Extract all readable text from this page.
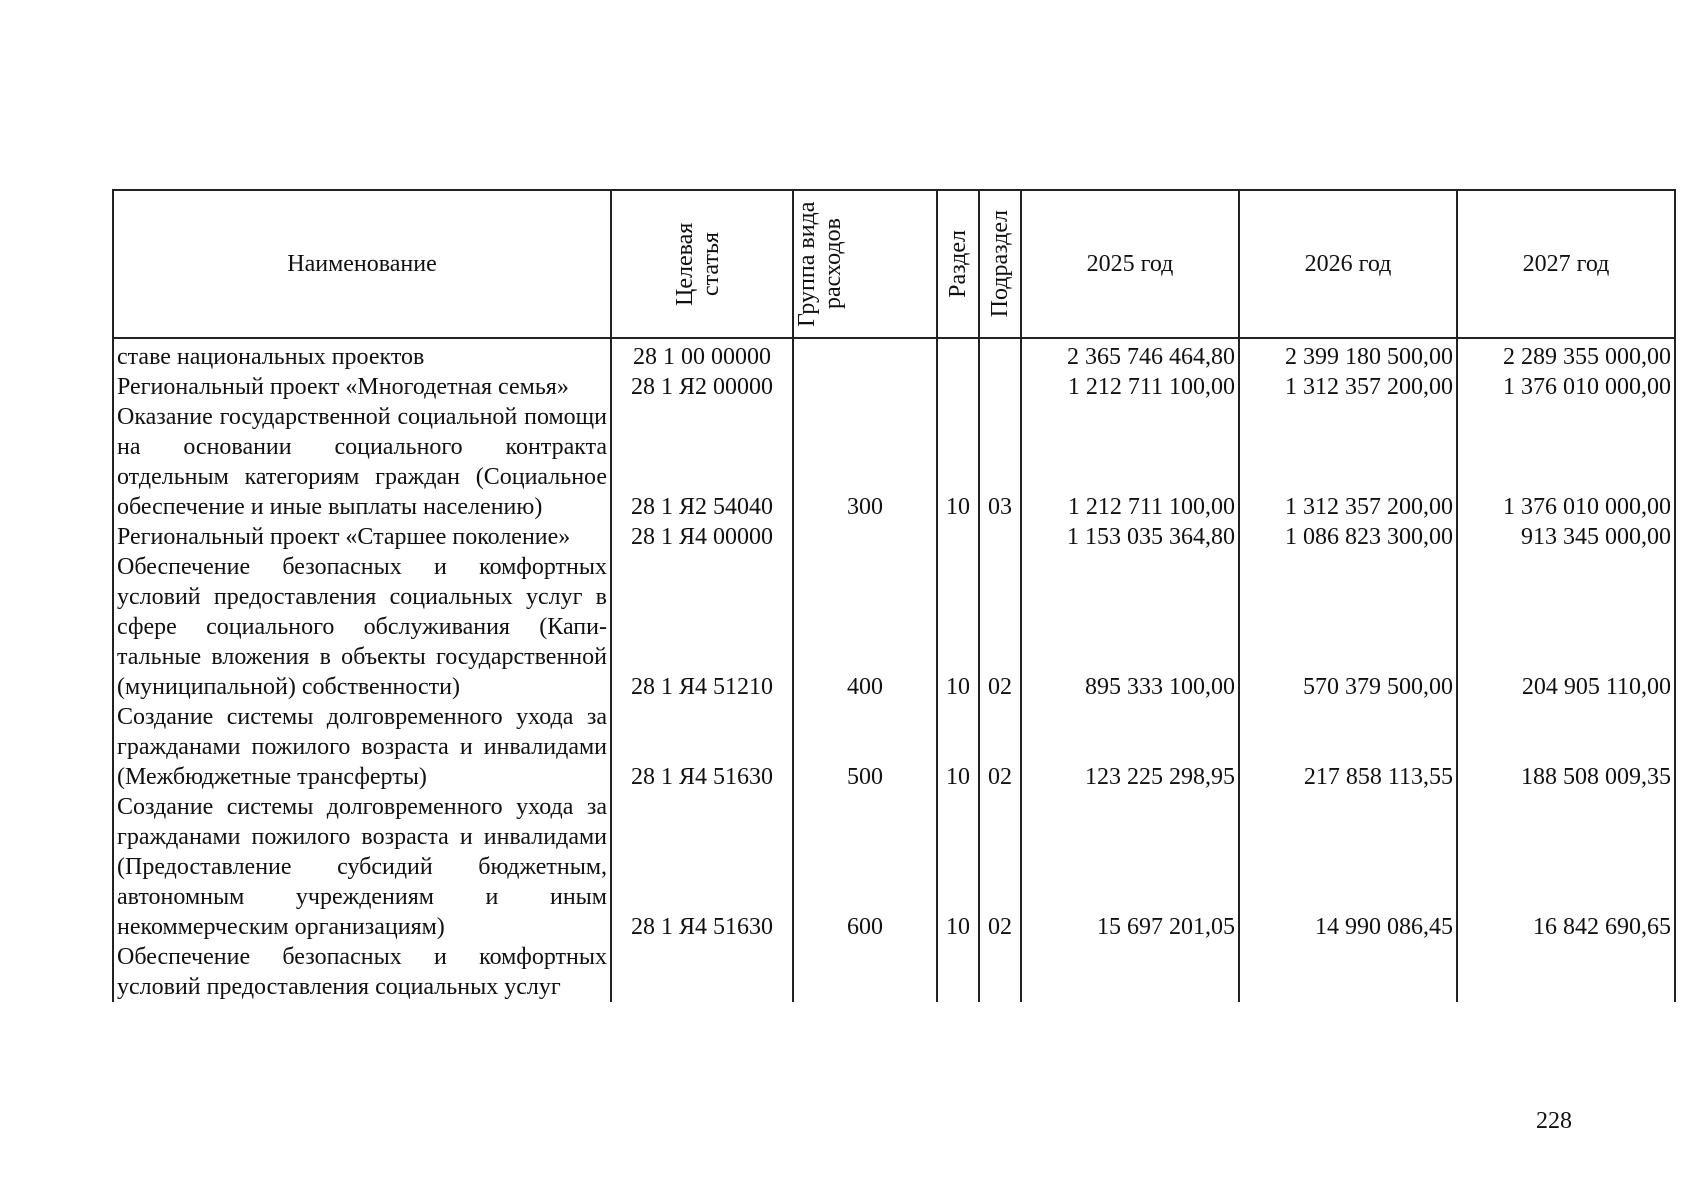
Наименование	Целевая статья	Группа вида расходов	Раздел	Подраздел	2025 год	2026 год	2027 год
ставе национальных проектов	28 1 00 00000				2 365 746 464,80	2 399 180 500,00	2 289 355 000,00
Региональный проект «Многодетная семья»	28 1 Я2 00000				1 212 711 100,00	1 312 357 200,00	1 376 010 000,00
Оказание государственной социальной помощи на основании социального контракта отдельным категориям граждан (Социальное обеспечение и иные выплаты населению)	28 1 Я2 54040	300	10	03	1 212 711 100,00	1 312 357 200,00	1 376 010 000,00
Региональный проект «Старшее поколение»	28 1 Я4 00000				1 153 035 364,80	1 086 823 300,00	913 345 000,00
Обеспечение безопасных и комфортных условий предоставления социальных услуг в сфере социального обслуживания (Капитальные вложения в объекты государственной (муниципальной) собственности)	28 1 Я4 51210	400	10	02	895 333 100,00	570 379 500,00	204 905 110,00
Создание системы долговременного ухода за гражданами пожилого возраста и инвалидами (Межбюджетные трансферты)	28 1 Я4 51630	500	10	02	123 225 298,95	217 858 113,55	188 508 009,35
Создание системы долговременного ухода за гражданами пожилого возраста и инвалидами (Предоставление субсидий бюджетным, автономным учреждениям и иным некоммерческим организациям)	28 1 Я4 51630	600	10	02	15 697 201,05	14 990 086,45	16 842 690,65
Обеспечение безопасных и комфортных условий предоставления социальных услуг							
228
